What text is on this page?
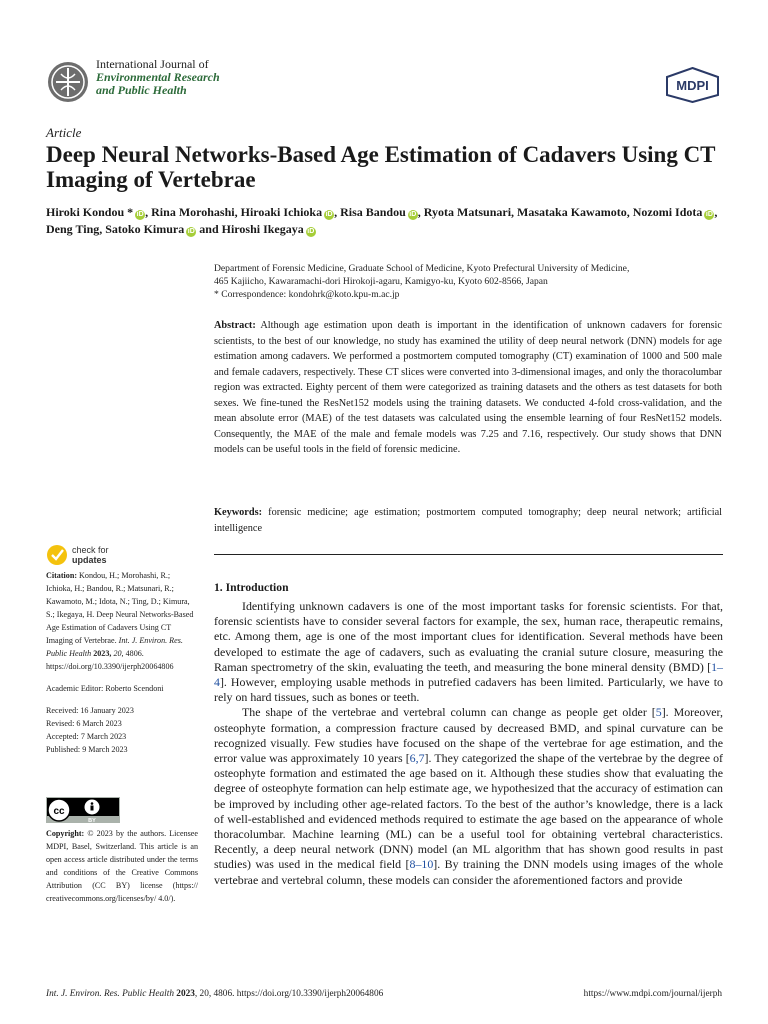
International Journal of
Environmental Research
and Public Health	MDPI
Article
Deep Neural Networks-Based Age Estimation of Cadavers Using CT Imaging of Vertebrae
Hiroki Kondou * iD , Rina Morohashi, Hiroaki Ichioka iD , Risa Bandou iD , Ryota Matsunari, Masataka Kawamoto, Nozomi Idota iD , Deng Ting, Satoko Kimura iD and Hiroshi Ikegaya iD
Department of Forensic Medicine, Graduate School of Medicine, Kyoto Prefectural University of Medicine,
465 Kajiicho, Kawaramachi-dori Hirokoji-agaru, Kamigyo-ku, Kyoto 602-8566, Japan
* Correspondence: kondohrk@koto.kpu-m.ac.jp
Abstract: Although age estimation upon death is important in the identification of unknown cadavers for forensic scientists, to the best of our knowledge, no study has examined the utility of deep neural network (DNN) models for age estimation among cadavers. We performed a postmortem computed tomography (CT) examination of 1000 and 500 male and female cadavers, respectively. These CT slices were converted into 3-dimensional images, and only the thoracolumbar region was extracted. Eighty percent of them were categorized as training datasets and the others as test datasets for both sexes. We fine-tuned the ResNet152 models using the training datasets. We conducted 4-fold cross-validation, and the mean absolute error (MAE) of the test datasets was calculated using the ensemble learning of four ResNet152 models. Consequently, the MAE of the male and female models was 7.25 and 7.16, respectively. Our study shows that DNN models can be useful tools in the field of forensic medicine.
Keywords: forensic medicine; age estimation; postmortem computed tomography; deep neural network; artificial intelligence
check for
updates
Citation: Kondou, H.; Morohashi, R.; Ichioka, H.; Bandou, R.; Matsunari, R.; Kawamoto, M.; Idota, N.; Ting, D.; Kimura, S.; Ikegaya, H. Deep Neural Networks-Based Age Estimation of Cadavers Using CT Imaging of Vertebrae. Int. J. Environ. Res. Public Health 2023, 20, 4806. https://doi.org/10.3390/ijerph20064806
Academic Editor: Roberto Scendoni
Received: 16 January 2023
Revised: 6 March 2023
Accepted: 7 March 2023
Published: 9 March 2023
cc
BY
Copyright: © 2023 by the authors. Licensee MDPI, Basel, Switzerland. This article is an open access article distributed under the terms and conditions of the Creative Commons Attribution (CC BY) license (https:// creativecommons.org/licenses/by/ 4.0/).
1. Introduction

Identifying unknown cadavers is one of the most important tasks for forensic scientists. For that, forensic scientists have to consider several factors for example, the sex, human race, therapeutic remains, etc. Among them, age is one of the most important clues for identification. Several methods have been developed to estimate the age of cadavers, such as evaluating the cranial suture closure, measuring the Raman spectrometry of the skin, evaluating the teeth, and measuring the bone mineral density (BMD) [1–4]. However, employing usable methods in putrefied cadavers has been limited. Particularly, we have to rely on hard tissues, such as bones or teeth.

The shape of the vertebrae and vertebral column can change as people get older [5]. Moreover, osteophyte formation, a compression fracture caused by decreased BMD, and spinal curvature can be recognized visually. Few studies have focused on the shape of the vertebrae for age estimation, and the error value was approximately 10 years [6,7]. They categorized the shape of the vertebrae by the degree of osteophyte formation and estimated the age based on it. Although these studies show that evaluating the degree of osteophyte formation can help estimate age, we hypothesized that the accuracy of estimation can be improved by including other age-related factors. To the best of the author’s knowledge, there is a lack of well-established and evidenced methods required to estimate the age based on the appearance of whole thoracolumbar. Machine learning (ML) can be a useful tool for obtaining vertebral characteristics. Recently, a deep neural network (DNN) model (an ML algorithm that has shown good results in past studies) was used in the medical field [8–10]. By training the DNN models using images of the whole vertebrae and vertebral column, these models can consider the aforementioned factors and provide

Int. J. Environ. Res. Public Health 2023, 20, 4806. https://doi.org/10.3390/ijerph20064806	https://www.mdpi.com/journal/ijerph
